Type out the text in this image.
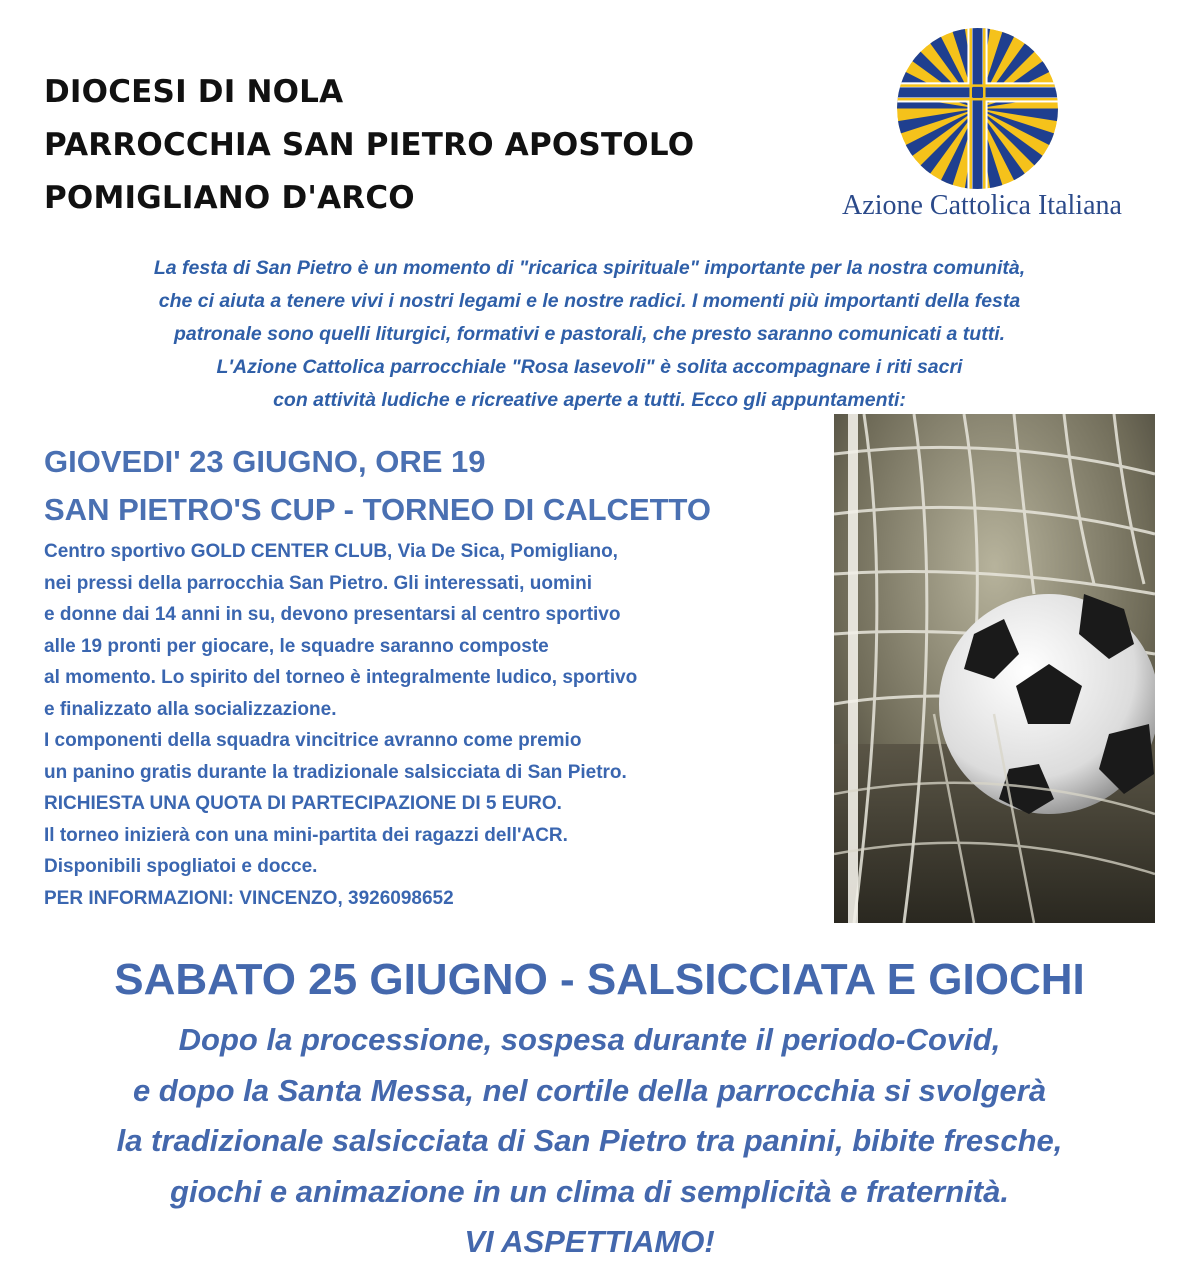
DIOCESI DI NOLA
PARROCCHIA SAN PIETRO APOSTOLO
POMIGLIANO D'ARCO	Azione Cattolica Italiana
La festa di San Pietro è un momento di "ricarica spirituale" importante per la nostra comunità,
che ci aiuta a tenere vivi i nostri legami e le nostre radici. I momenti più importanti della festa
patronale sono quelli liturgici, formativi e pastorali, che presto saranno comunicati a tutti.
L'Azione Cattolica parrocchiale "Rosa Iasevoli" è solita accompagnare i riti sacri
con attività ludiche e ricreative aperte a tutti. Ecco gli appuntamenti:
GIOVEDI' 23 GIUGNO, ORE 19
SAN PIETRO'S CUP - TORNEO DI CALCETTO
Centro sportivo GOLD CENTER CLUB, Via De Sica, Pomigliano,
nei pressi della parrocchia San Pietro. Gli interessati, uomini
e donne dai 14 anni in su, devono presentarsi al centro sportivo
alle 19 pronti per giocare, le squadre saranno composte
al momento. Lo spirito del torneo è integralmente ludico, sportivo
e finalizzato alla socializzazione.
I componenti della squadra vincitrice avranno come premio
un panino gratis durante la tradizionale salsicciata di San Pietro.
RICHIESTA UNA QUOTA DI PARTECIPAZIONE DI 5 EURO.
Il torneo inizierà con una mini-partita dei ragazzi dell'ACR.
Disponibili spogliatoi e docce.
PER INFORMAZIONI: VINCENZO, 3926098652
SABATO 25 GIUGNO - SALSICCIATA E GIOCHI
Dopo la processione, sospesa durante il periodo-Covid,
e dopo la Santa Messa, nel cortile della parrocchia si svolgerà
la tradizionale salsicciata di San Pietro tra panini, bibite fresche,
giochi e animazione in un clima di semplicità e fraternità.
VI ASPETTIAMO!
